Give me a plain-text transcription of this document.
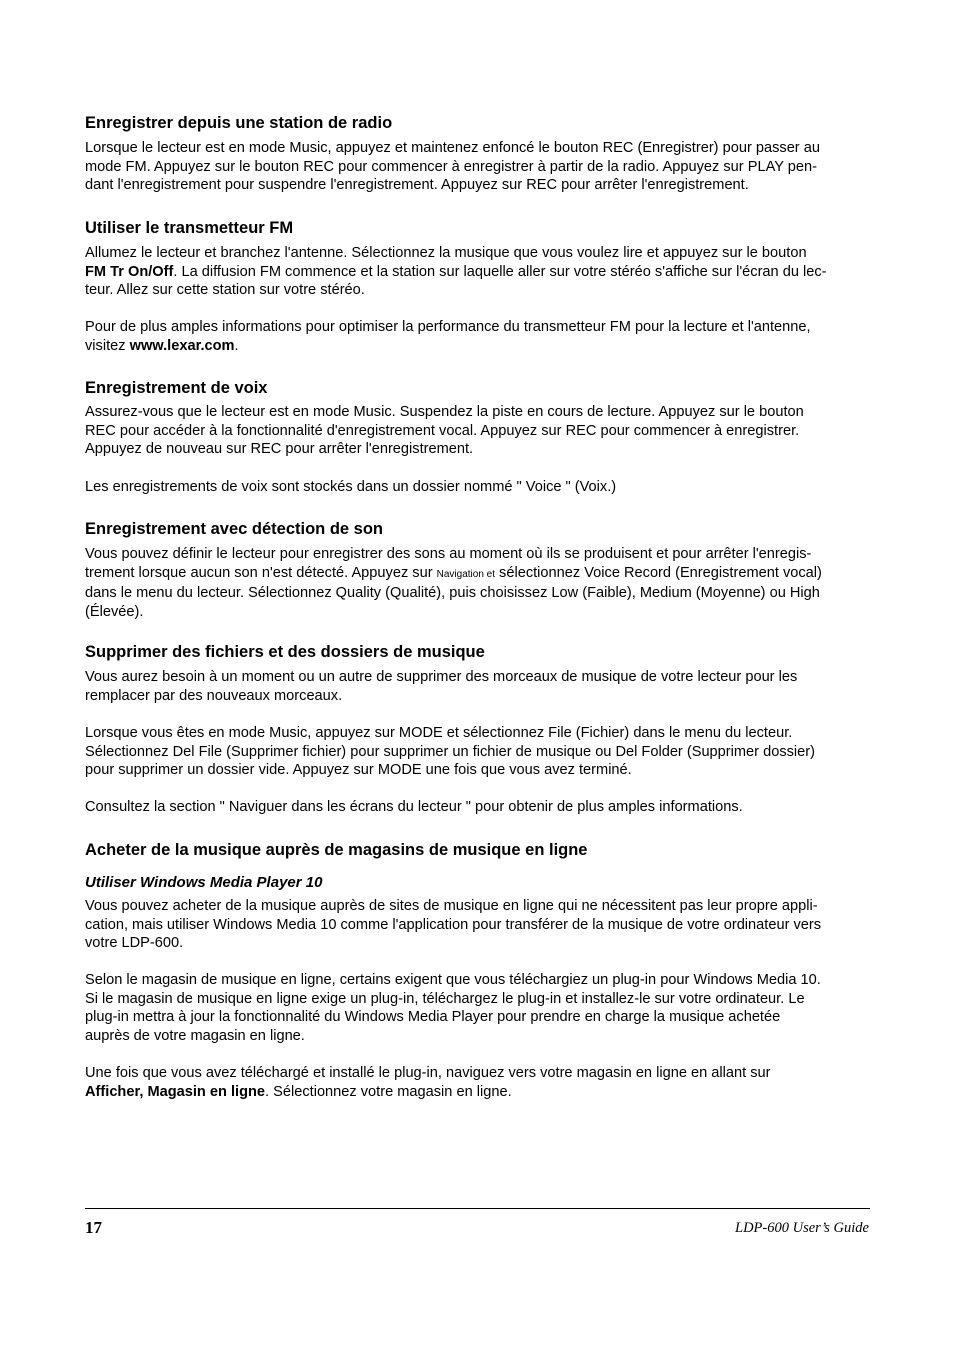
Enregistrer depuis une station de radio

Lorsque le lecteur est en mode Music, appuyez et maintenez enfoncé le bouton REC (Enregistrer) pour passer au
mode FM. Appuyez sur le bouton REC pour commencer à enregistrer à partir de la radio. Appuyez sur PLAY pen-
dant l'enregistrement pour suspendre l'enregistrement. Appuyez sur REC pour arrêter l'enregistrement.

Utiliser le transmetteur FM

Allumez le lecteur et branchez l'antenne. Sélectionnez la musique que vous voulez lire et appuyez sur le bouton
FM Tr On/Off. La diffusion FM commence et la station sur laquelle aller sur votre stéréo s'affiche sur l'écran du lec-
teur. Allez sur cette station sur votre stéréo.

Pour de plus amples informations pour optimiser la performance du transmetteur FM pour la lecture et l'antenne,
visitez www.lexar.com.

Enregistrement de voix

Assurez-vous que le lecteur est en mode Music. Suspendez la piste en cours de lecture. Appuyez sur le bouton
REC pour accéder à la fonctionnalité d'enregistrement vocal. Appuyez sur REC pour commencer à enregistrer.
Appuyez de nouveau sur REC pour arrêter l'enregistrement.

Les enregistrements de voix sont stockés dans un dossier nommé " Voice " (Voix.)

Enregistrement avec détection de son

Vous pouvez définir le lecteur pour enregistrer des sons au moment où ils se produisent et pour arrêter l'enregis-
trement lorsque aucun son n'est détecté. Appuyez sur Navigation et sélectionnez Voice Record (Enregistrement vocal)
dans le menu du lecteur. Sélectionnez Quality (Qualité), puis choisissez Low (Faible), Medium (Moyenne) ou High
(Élevée).

Supprimer des fichiers et des dossiers de musique

Vous aurez besoin à un moment ou un autre de supprimer des morceaux de musique de votre lecteur pour les
remplacer par des nouveaux morceaux.

Lorsque vous êtes en mode Music, appuyez sur MODE et sélectionnez File (Fichier) dans le menu du lecteur.
Sélectionnez Del File (Supprimer fichier) pour supprimer un fichier de musique ou Del Folder (Supprimer dossier)
pour supprimer un dossier vide. Appuyez sur MODE une fois que vous avez terminé.

Consultez la section " Naviguer dans les écrans du lecteur " pour obtenir de plus amples informations.

Acheter de la musique auprès de magasins de musique en ligne
Utiliser Windows Media Player 10

Vous pouvez acheter de la musique auprès de sites de musique en ligne qui ne nécessitent pas leur propre appli-
cation, mais utiliser Windows Media 10 comme l'application pour transférer de la musique de votre ordinateur vers
votre LDP-600.

Selon le magasin de musique en ligne, certains exigent que vous téléchargiez un plug-in pour Windows Media 10.
Si le magasin de musique en ligne exige un plug-in, téléchargez le plug-in et installez-le sur votre ordinateur. Le
plug-in mettra à jour la fonctionnalité du Windows Media Player pour prendre en charge la musique achetée
auprès de votre magasin en ligne.

Une fois que vous avez téléchargé et installé le plug-in, naviguez vers votre magasin en ligne en allant sur
Afficher, Magasin en ligne. Sélectionnez votre magasin en ligne.

17	LDP-600 User’s Guide
